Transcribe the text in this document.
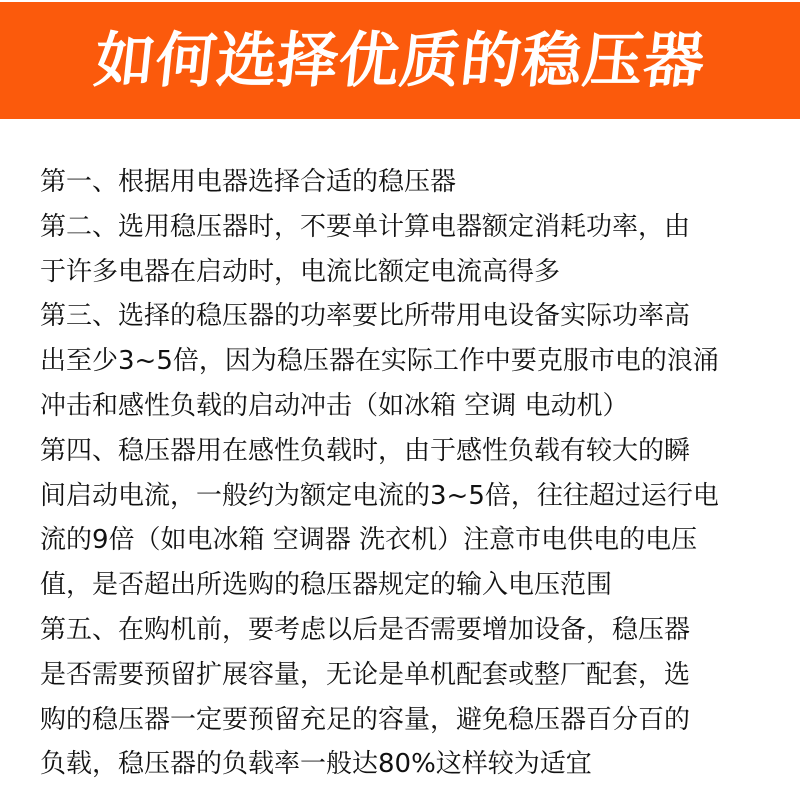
如何选择优质的稳压器
第一、根据用电器选择合适的稳压器
第二、选用稳压器时，不要单计算电器额定消耗功率，由
于许多电器在启动时，电流比额定电流高得多
第三、选择的稳压器的功率要比所带用电设备实际功率高
出至少3~5倍，因为稳压器在实际工作中要克服市电的浪涌
冲击和感性负载的启动冲击（如冰箱 空调 电动机）
第四、稳压器用在感性负载时，由于感性负载有较大的瞬
间启动电流，一般约为额定电流的3~5倍，往往超过运行电
流的9倍（如电冰箱 空调器 洗衣机）注意市电供电的电压
值，是否超出所选购的稳压器规定的输入电压范围
第五、在购机前，要考虑以后是否需要增加设备，稳压器
是否需要预留扩展容量，无论是单机配套或整厂配套，选
购的稳压器一定要预留充足的容量，避免稳压器百分百的
负载，稳压器的负载率一般达80%这样较为适宜
